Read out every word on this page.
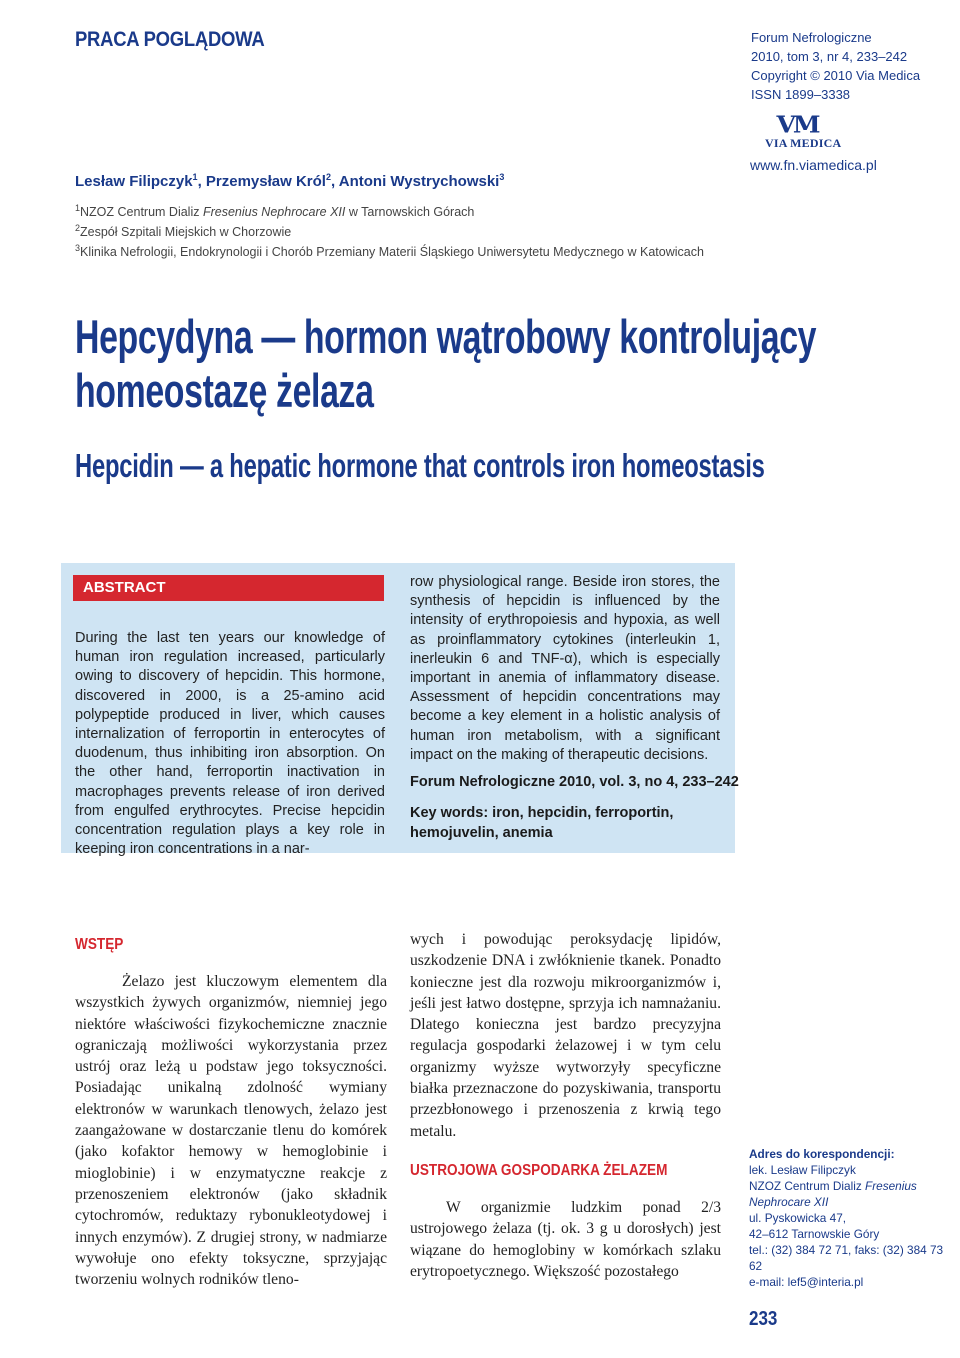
PRACA POGLĄDOWA	Forum Nefrologiczne
2010, tom 3, nr 4, 233–242
Copyright © 2010 Via Medica
ISSN 1899–3338
VM
VIA MEDICA
www.fn.viamedica.pl
Lesław Filipczyk$^1$, Przemysław Król$^2$, Antoni Wystrychowski$^3$
$^1$NZOZ Centrum Dializ Fresenius Nephrocare XII w Tarnowskich Górach
$^2$Zespół Szpitali Miejskich w Chorzowie
$^3$Klinika Nefrologii, Endokrynologii i Chorób Przemiany Materii Śląskiego Uniwersytetu Medycznego w Katowicach
Hepcydyna — hormon wątrobowy kontrolujący
homeostazę żelaza
Hepcidin — a hepatic hormone that controls iron homeostasis
ABSTRACT
During the last ten years our knowledge of human iron regulation increased, particularly owing to discovery of hepcidin. This hormone, discovered in 2000, is a 25-amino acid polypeptide produced in liver, which causes internalization of ferroportin in enterocytes of duodenum, thus inhibiting iron absorption. On the other hand, ferroportin inactivation in macrophages prevents release of iron derived from engulfed erythrocytes. Precise hepcidin concentration regulation plays a key role in keeping iron concentrations in a nar-
row physiological range. Beside iron stores, the synthesis of hepcidin is influenced by the intensity of erythropoiesis and hypoxia, as well as proinflammatory cytokines (interleukin 1, inerleukin 6 and TNF-α), which is especially important in anemia of inflammatory disease. Assessment of hepcidin concentrations may become a key element in a holistic analysis of human iron metabolism, with a significant impact on the making of therapeutic decisions.
Forum Nefrologiczne 2010, vol. 3, no 4, 233–242
Key words: iron, hepcidin, ferroportin, hemojuvelin, anemia
WSTĘP
Żelazo jest kluczowym elementem dla wszystkich żywych organizmów, niemniej jego niektóre właściwości fizykochemiczne znacznie ograniczają możliwości wykorzystania przez ustrój oraz leżą u podstaw jego toksyczności. Posiadając unikalną zdolność wymiany elektronów w warunkach tlenowych, żelazo jest zaangażowane w dostarczanie tlenu do komórek (jako kofaktor hemowy w hemoglobinie i mioglobinie) i w enzymatyczne reakcje z przenoszeniem elektronów (jako składnik cytochromów, reduktazy rybonukleotydowej i innych enzymów). Z drugiej strony, w nadmiarze wywołuje ono efekty toksyczne, sprzyjając tworzeniu wolnych rodników tleno-
wych i powodując peroksydację lipidów, uszkodzenie DNA i zwłóknienie tkanek. Ponadto konieczne jest dla rozwoju mikroorganizmów i, jeśli jest łatwo dostępne, sprzyja ich namnażaniu. Dlatego konieczna jest bardzo precyzyjna regulacja gospodarki żelazowej i w tym celu organizmy wyższe wytworzyły specyficzne białka przeznaczone do pozyskiwania, transportu przezbłonowego i przenoszenia z krwią tego metalu.
USTROJOWA GOSPODARKA ŻELAZEM
W organizmie ludzkim ponad 2/3 ustrojowego żelaza (tj. ok. 3 g u dorosłych) jest wiązane do hemoglobiny w komórkach szlaku erytropoetycznego. Większość pozostałego
Adres do korespondencji:
lek. Lesław Filipczyk
NZOZ Centrum Dializ Fresenius
Nephrocare XII
ul. Pyskowicka 47,
42–612 Tarnowskie Góry
tel.: (32) 384 72 71, faks: (32) 384 73 62
e-mail: lef5@interia.pl
233
